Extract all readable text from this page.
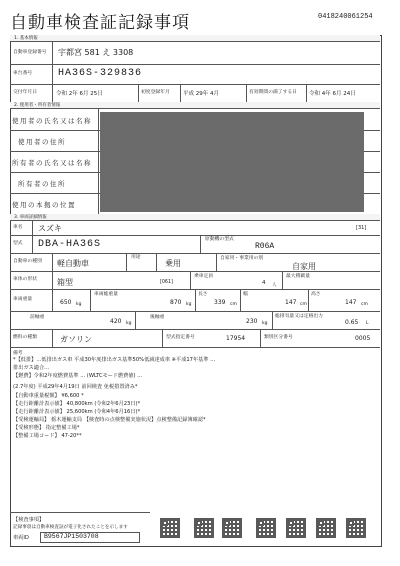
自動車検査証記録事項	0418240061254
1. 基本情報
自動車登録番号 宇都宮 581 え 3308
車台番号	HA36S-329836
交付年月日	令和 2年 6月 25日	初度登録年月 平成 29年 4月	有効期間の満了する日 令和 4年 6月 24日
2. 使用者・所有者情報
使用者の氏名又は名称
使用者の住所
所有者の氏名又は名称
所有者の住所
使用の本拠の位置
3. 車両詳細情報
車名 スズキ	[31]
型式 DBA-HA36S	原動機の型式
R06A
自動車の種別 軽自動車
用途
乗用
自家用・事業用の別
自家用
車体の形状	箱型	[061]
乗車定員
4 人
最大積載量
車両重量	650 kg
車両総重量
870 kg
長さ
339 cm
幅
147 cm
高さ
147 cm
前軸重
420 kg
後軸重
230 kg
総排気量又は定格出力
0.65 L
燃料の種類	ガソリン	型式指定番号	17954	類別区分番号	0005
備考
*【低排】...低排出ガス車 平成30年度排出ガス基準50%低減達成車 ※平成17年基準 ...
排出ガス適合...
【燃費】令和2年度燃費基準 ... (WLTCモード燃費値) ...
(2.7年度) 平成29年4月19日 前回検査 免税措置済み*
【自動車重量税額】 ¥6,600 *
【走行距離計表示値】 40,800km (令和2年6月23日)*
【走行距離計表示値】 25,600km (令和4年6月16日)*
【受検運輸局】 栃木運輸支局 【検査時の点検整備実施状況】点検整備記録簿確認*
【受検形態】 指定整備工場*
【整備工場コード】 47-20**
【検査事項】
記録事項は自動車検査証が電子化されたことを示します
車両ID B9567JP1503708
